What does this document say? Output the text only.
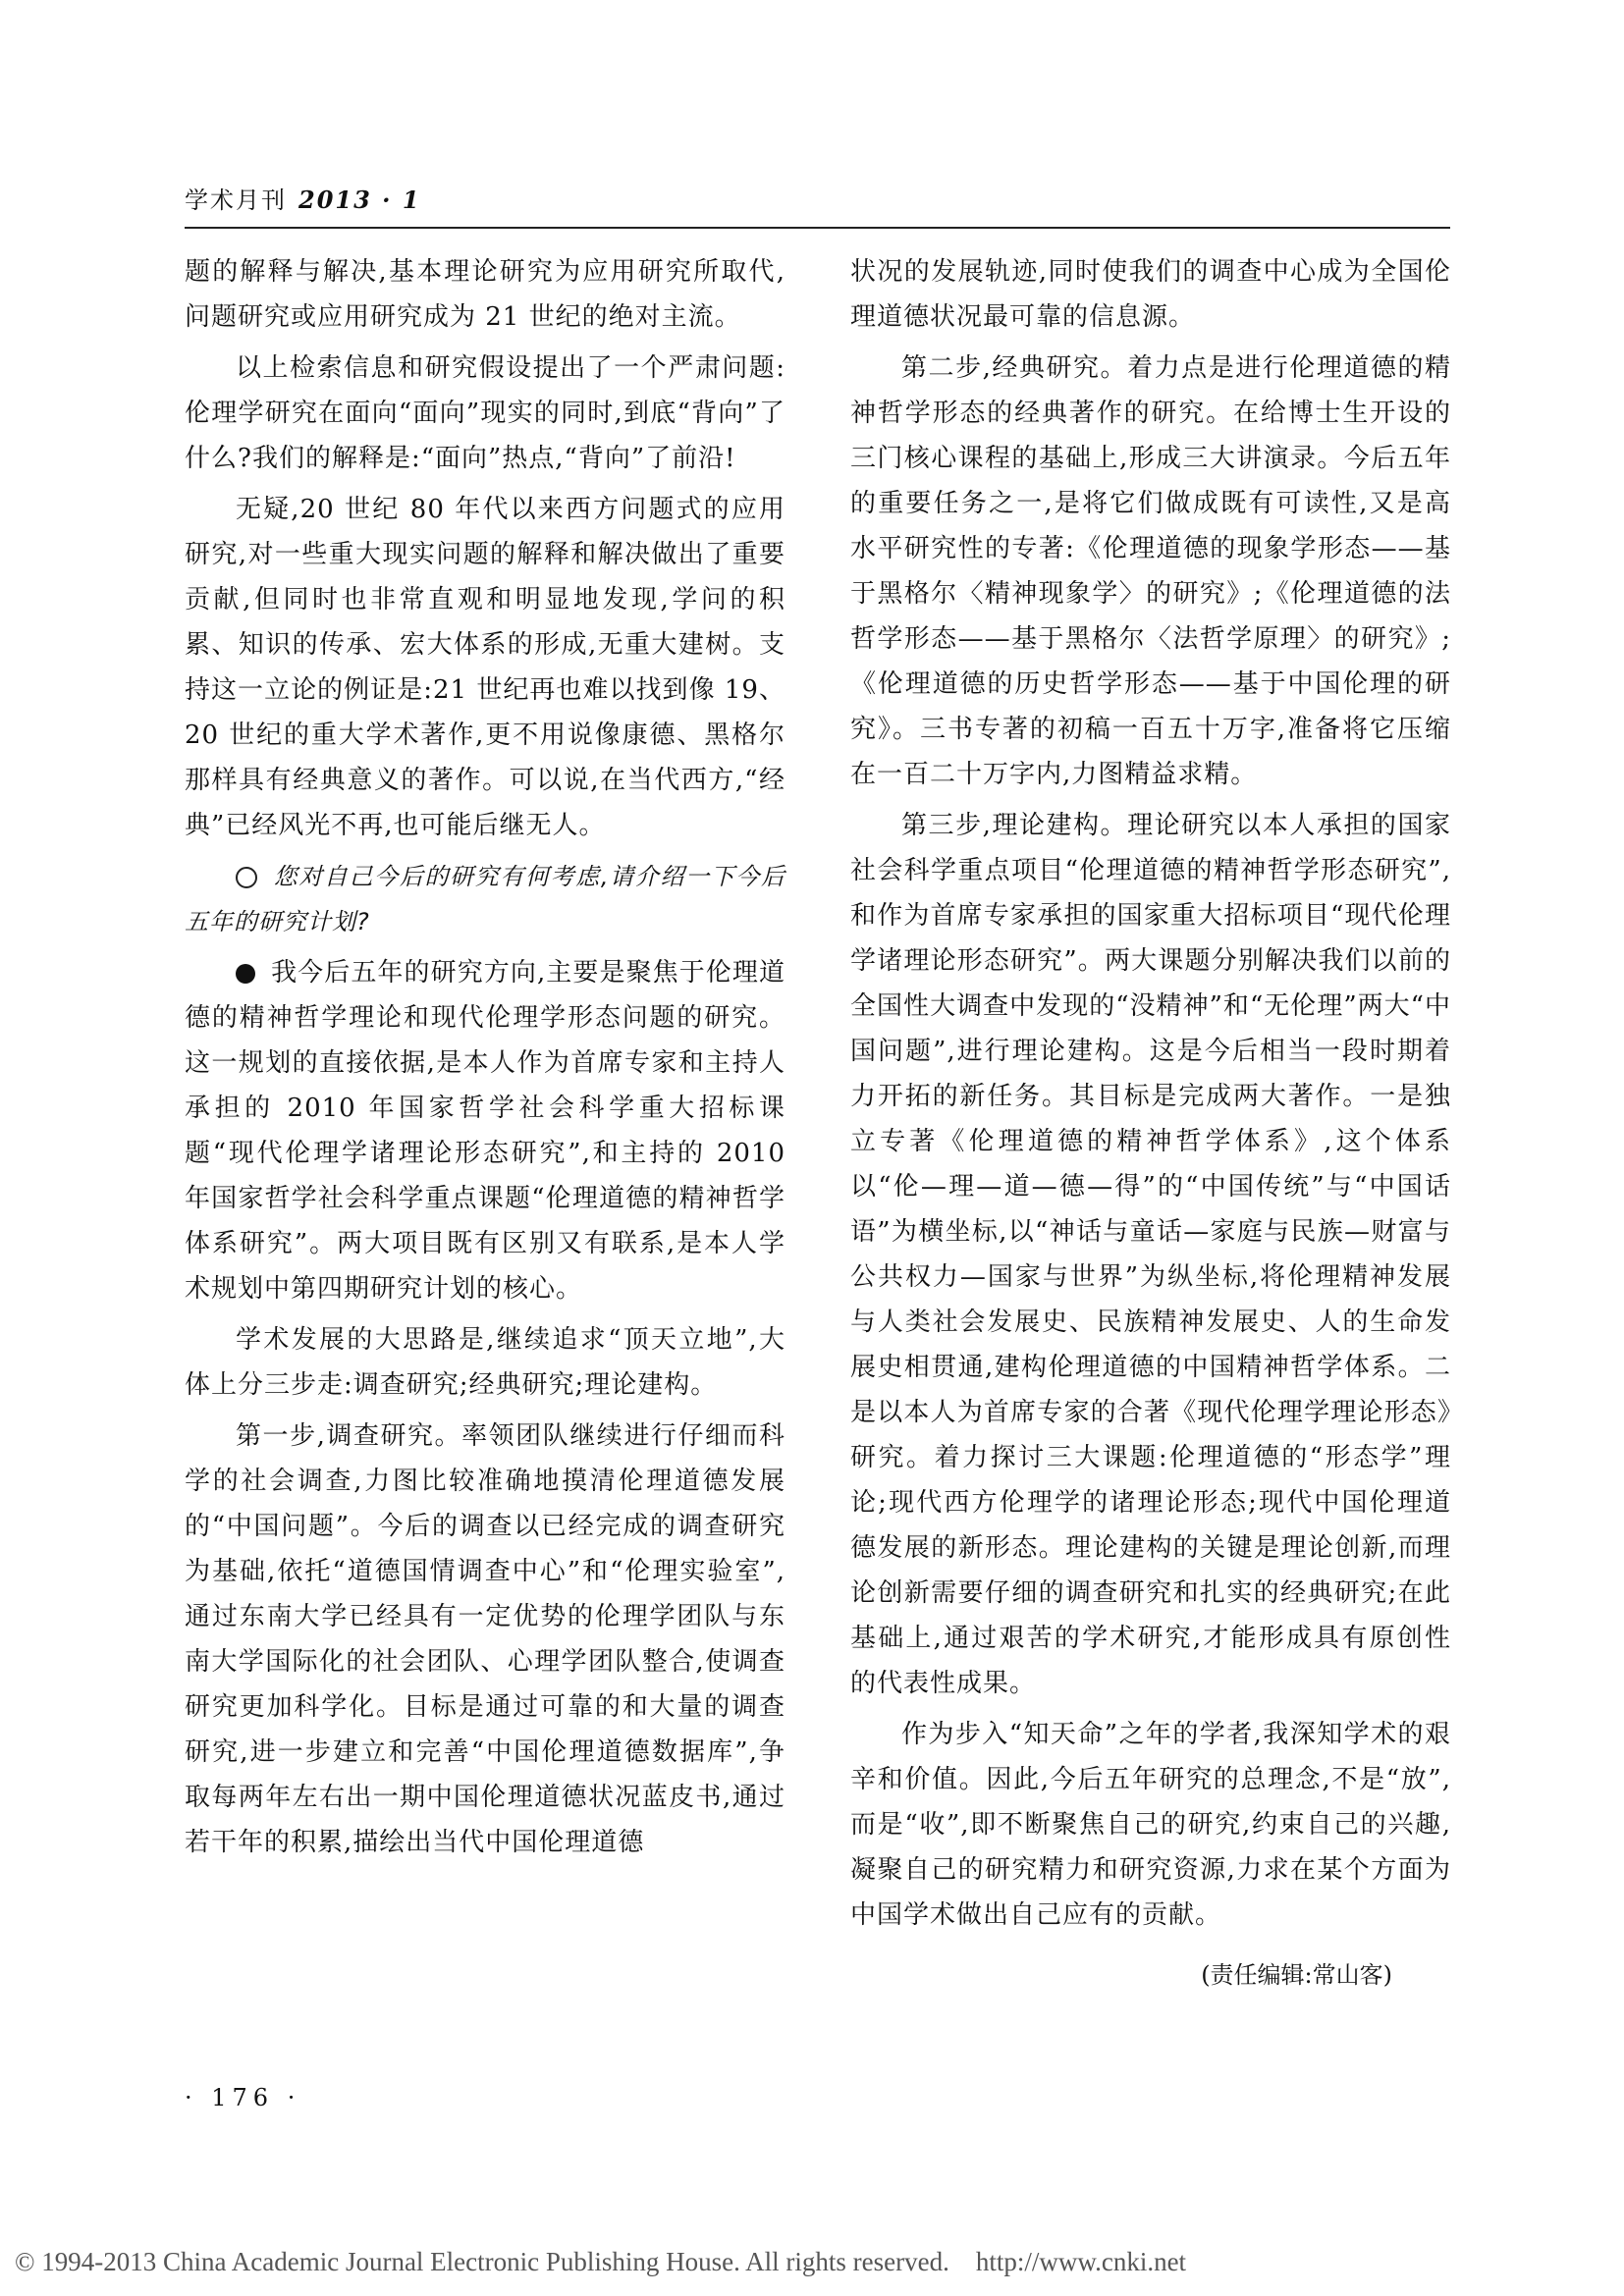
学术月刊 2013 · 1

题的解释与解决,基本理论研究为应用研究所取代,问题研究或应用研究成为 21 世纪的绝对主流。

以上检索信息和研究假设提出了一个严肃问题:伦理学研究在面向“面向”现实的同时,到底“背向”了什么?我们的解释是:“面向”热点,“背向”了前沿!

无疑,20 世纪 80 年代以来西方问题式的应用研究,对一些重大现实问题的解释和解决做出了重要贡献,但同时也非常直观和明显地发现,学问的积累、知识的传承、宏大体系的形成,无重大建树。支持这一立论的例证是:21 世纪再也难以找到像 19、20 世纪的重大学术著作,更不用说像康德、黑格尔那样具有经典意义的著作。可以说,在当代西方,“经典”已经风光不再,也可能后继无人。

您对自己今后的研究有何考虑,请介绍一下今后五年的研究计划?

我今后五年的研究方向,主要是聚焦于伦理道德的精神哲学理论和现代伦理学形态问题的研究。这一规划的直接依据,是本人作为首席专家和主持人承担的 2010 年国家哲学社会科学重大招标课题“现代伦理学诸理论形态研究”,和主持的 2010 年国家哲学社会科学重点课题“伦理道德的精神哲学体系研究”。两大项目既有区别又有联系,是本人学术规划中第四期研究计划的核心。

学术发展的大思路是,继续追求“顶天立地”,大体上分三步走:调查研究;经典研究;理论建构。

第一步,调查研究。率领团队继续进行仔细而科学的社会调查,力图比较准确地摸清伦理道德发展的“中国问题”。今后的调查以已经完成的调查研究为基础,依托“道德国情调查中心”和“伦理实验室”,通过东南大学已经具有一定优势的伦理学团队与东南大学国际化的社会团队、心理学团队整合,使调查研究更加科学化。目标是通过可靠的和大量的调查研究,进一步建立和完善“中国伦理道德数据库”,争取每两年左右出一期中国伦理道德状况蓝皮书,通过若干年的积累,描绘出当代中国伦理道德

状况的发展轨迹,同时使我们的调查中心成为全国伦理道德状况最可靠的信息源。

第二步,经典研究。着力点是进行伦理道德的精神哲学形态的经典著作的研究。在给博士生开设的三门核心课程的基础上,形成三大讲演录。今后五年的重要任务之一,是将它们做成既有可读性,又是高水平研究性的专著:《伦理道德的现象学形态——基于黑格尔〈精神现象学〉的研究》;《伦理道德的法哲学形态——基于黑格尔〈法哲学原理〉的研究》;《伦理道德的历史哲学形态——基于中国伦理的研究》。三书专著的初稿一百五十万字,准备将它压缩在一百二十万字内,力图精益求精。

第三步,理论建构。理论研究以本人承担的国家社会科学重点项目“伦理道德的精神哲学形态研究”,和作为首席专家承担的国家重大招标项目“现代伦理学诸理论形态研究”。两大课题分别解决我们以前的全国性大调查中发现的“没精神”和“无伦理”两大“中国问题”,进行理论建构。这是今后相当一段时期着力开拓的新任务。其目标是完成两大著作。一是独立专著《伦理道德的精神哲学体系》,这个体系以“伦—理—道—德—得”的“中国传统”与“中国话语”为横坐标,以“神话与童话—家庭与民族—财富与公共权力—国家与世界”为纵坐标,将伦理精神发展与人类社会发展史、民族精神发展史、人的生命发展史相贯通,建构伦理道德的中国精神哲学体系。二是以本人为首席专家的合著《现代伦理学理论形态》研究。着力探讨三大课题:伦理道德的“形态学”理论;现代西方伦理学的诸理论形态;现代中国伦理道德发展的新形态。理论建构的关键是理论创新,而理论创新需要仔细的调查研究和扎实的经典研究;在此基础上,通过艰苦的学术研究,才能形成具有原创性的代表性成果。

作为步入“知天命”之年的学者,我深知学术的艰辛和价值。因此,今后五年研究的总理念,不是“放”,而是“收”,即不断聚焦自己的研究,约束自己的兴趣,凝聚自己的研究精力和研究资源,力求在某个方面为中国学术做出自己应有的贡献。

(责任编辑:常山客)
· 176 ·
© 1994-2013 China Academic Journal Electronic Publishing House. All rights reserved.    http://www.cnki.net
